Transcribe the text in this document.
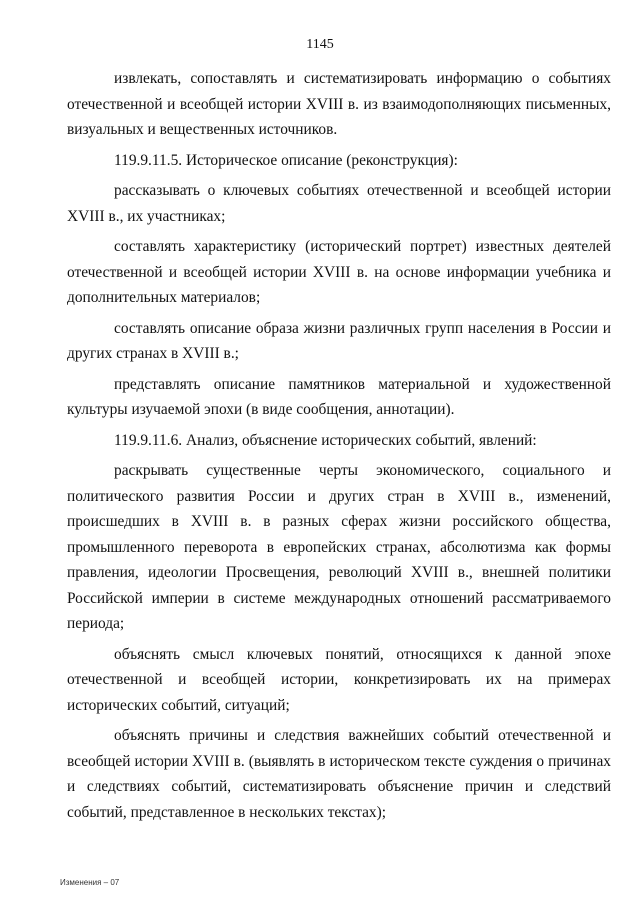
1145

извлекать, сопоставлять и систематизировать информацию о событиях отечественной и всеобщей истории XVIII в. из взаимодополняющих письменных, визуальных и вещественных источников.

119.9.11.5. Историческое описание (реконструкция):

рассказывать о ключевых событиях отечественной и всеобщей истории XVIII в., их участниках;

составлять характеристику (исторический портрет) известных деятелей отечественной и всеобщей истории XVIII в. на основе информации учебника и дополнительных материалов;

составлять описание образа жизни различных групп населения в России и других странах в XVIII в.;

представлять описание памятников материальной и художественной культуры изучаемой эпохи (в виде сообщения, аннотации).

119.9.11.6. Анализ, объяснение исторических событий, явлений:

раскрывать существенные черты экономического, социального и политического развития России и других стран в XVIII в., изменений, происшедших в XVIII в. в разных сферах жизни российского общества, промышленного переворота в европейских странах, абсолютизма как формы правления, идеологии Просвещения, революций XVIII в., внешней политики Российской империи в системе международных отношений рассматриваемого периода;

объяснять смысл ключевых понятий, относящихся к данной эпохе отечественной и всеобщей истории, конкретизировать их на примерах исторических событий, ситуаций;

объяснять причины и следствия важнейших событий отечественной и всеобщей истории XVIII в. (выявлять в историческом тексте суждения о причинах и следствиях событий, систематизировать объяснение причин и следствий событий, представленное в нескольких текстах);

Изменения – 07
